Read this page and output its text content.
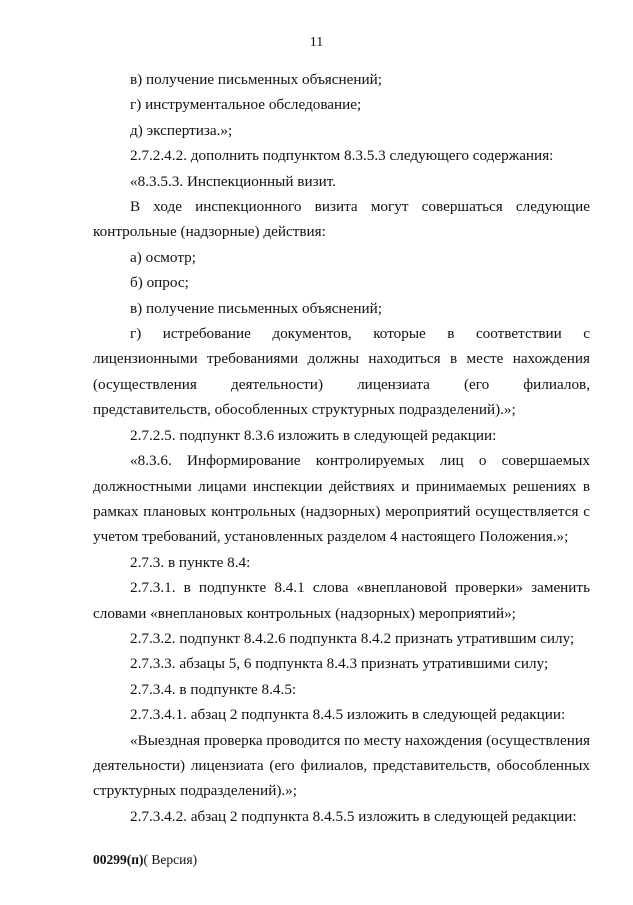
11

в) получение письменных объяснений;

г) инструментальное обследование;

д) экспертиза.»;

2.7.2.4.2. дополнить подпунктом 8.3.5.3 следующего содержания:

«8.3.5.3. Инспекционный визит.

В ходе инспекционного визита могут совершаться следующие контрольные (надзорные) действия:

а) осмотр;

б) опрос;

в) получение письменных объяснений;

г) истребование документов, которые в соответствии с лицензионными требованиями должны находиться в месте нахождения (осуществления деятельности) лицензиата (его филиалов, представительств, обособленных структурных подразделений).»;

2.7.2.5. подпункт 8.3.6 изложить в следующей редакции:

«8.3.6. Информирование контролируемых лиц о совершаемых должностными лицами инспекции действиях и принимаемых решениях в рамках плановых контрольных (надзорных) мероприятий осуществляется с учетом требований, установленных разделом 4 настоящего Положения.»;

2.7.3. в пункте 8.4:

2.7.3.1. в подпункте 8.4.1 слова «внеплановой проверки» заменить словами «внеплановых контрольных (надзорных) мероприятий»;

2.7.3.2. подпункт 8.4.2.6 подпункта 8.4.2 признать утратившим силу;

2.7.3.3. абзацы 5, 6 подпункта 8.4.3 признать утратившими силу;

2.7.3.4. в подпункте 8.4.5:

2.7.3.4.1. абзац 2 подпункта 8.4.5 изложить в следующей редакции:

«Выездная проверка проводится по месту нахождения (осуществления деятельности) лицензиата (его филиалов, представительств, обособленных структурных подразделений).»;

2.7.3.4.2. абзац 2 подпункта 8.4.5.5 изложить в следующей редакции:

00299(п)( Версия)
